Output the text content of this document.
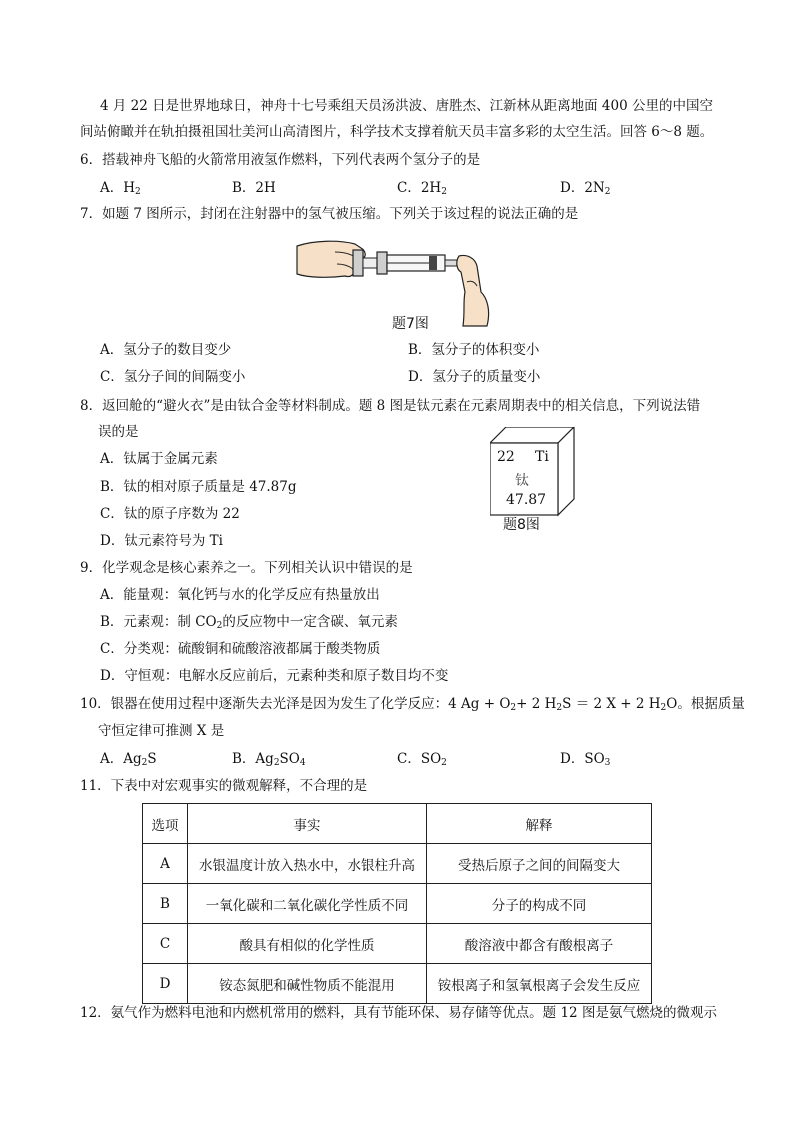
4 月 22 日是世界地球日，神舟十七号乘组天员汤洪波、唐胜杰、江新林从距离地面 400 公里的中国空
间站俯瞰并在轨拍摄祖国壮美河山高清图片，科学技术支撑着航天员丰富多彩的太空生活。回答 6～8 题。
6．搭载神舟飞船的火箭常用液氢作燃料，下列代表两个氢分子的是
A．$H_2$	B．2H	C．$2H_2$	D．$2N_2$
7．如题 7 图所示，封闭在注射器中的氢气被压缩。下列关于该过程的说法正确的是
题7图
A．氢分子的数目变少	B．氢分子的体积变小
C．氢分子间的间隔变小	D．氢分子的质量变小
8．返回舱的“避火衣”是由钛合金等材料制成。题 8 图是钛元素在元素周期表中的相关信息，下列说法错
误的是
A．钛属于金属元素
B．钛的相对原子质量是 47.87g
C．钛的原子序数为 22
D．钛元素符号为 Ti
22 Ti
钛
47.87
题8图
9．化学观念是核心素养之一。下列相关认识中错误的是
A．能量观：氧化钙与水的化学反应有热量放出
B．元素观：制 $CO_2$的反应物中一定含碳、氧元素
C．分类观：硫酸铜和硫酸溶液都属于酸类物质
D．守恒观：电解水反应前后，元素种类和原子数目均不变
10．银器在使用过程中逐渐失去光泽是因为发生了化学反应：4 $Ag + O_2+ 2$ $H_2S = 2$ X + 2 $H_2O$。根据质量
守恒定律可推测 X 是
A．$Ag_2S$	B．$Ag_2SO_4$	C．$SO_2$	D．$SO_3$
11．下表中对宏观事实的微观解释，不合理的是
选项	事实	解释
A	水银温度计放入热水中，水银柱升高	受热后原子之间的间隔变大
B	一氧化碳和二氧化碳化学性质不同	分子的构成不同
C	酸具有相似的化学性质	酸溶液中都含有酸根离子
D	铵态氮肥和碱性物质不能混用	铵根离子和氢氧根离子会发生反应
12．氨气作为燃料电池和内燃机常用的燃料，具有节能环保、易存储等优点。题 12 图是氨气燃烧的微观示
